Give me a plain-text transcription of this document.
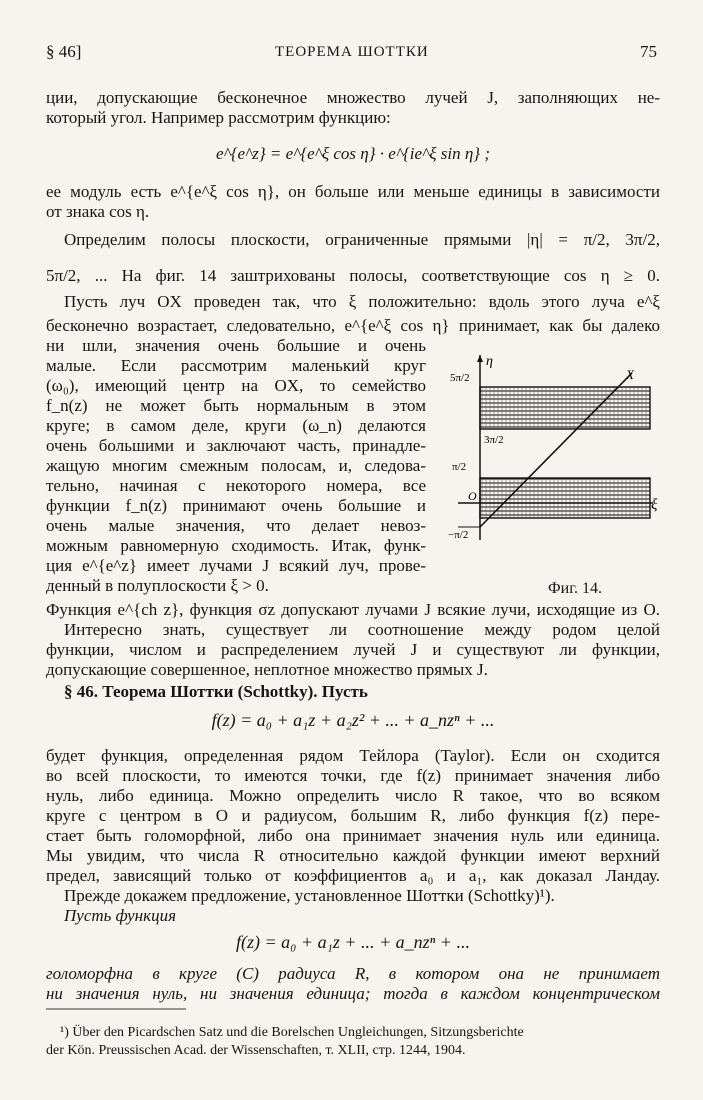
§ 46]	ТЕОРЕМА ШОТТКИ	75
ции, допускающие бесконечное множество лучей J, заполняющих не-
который угол. Например рассмотрим функцию:
e^{e^z} = e^{e^ξ cos η} · e^{ie^ξ sin η} ;
ее модуль есть e^{e^ξ cos η}, он больше или меньше единицы в зависимости
от знака cos η.
Определим полосы плоскости, ограниченные прямыми |η| = π/2, 3π/2,
5π/2, ... На фиг. 14 заштрихованы полосы, соответствующие cos η ≥ 0.
Пусть луч OX проведен так, что ξ положительно: вдоль этого луча e^ξ
бесконечно возрастает, следовательно, e^{e^ξ cos η} принимает, как бы далеко
ни шли, значения очень большие и очень
малые. Если рассмотрим маленький круг
(ω₀), имеющий центр на OX, то семейство
f_n(z) не может быть нормальным в этом
круге; в самом деле, круги (ω_n) делаются
очень большими и заключают часть, принадле-
жащую многим смежным полосам, и, следова-
тельно, начиная с некоторого номера, все
функции f_n(z) принимают очень большие и
очень малые значения, что делает невоз-
можным равномерную сходимость. Итак, функ-
ция e^{e^z} имеет лучами J всякий луч, прове-
денный в полуплоскости ξ > 0.
η
ξ
X
O
5π/2
3π/2
π/2
−π/2
Фиг. 14.
Функция e^{ch z}, функция σz допускают лучами J всякие лучи, исходящие из O.
Интересно знать, существует ли соотношение между родом целой
функции, числом и распределением лучей J и существуют ли функции,
допускающие совершенное, неплотное множество прямых J.
§ 46. Теорема Шоттки (Schottky). Пусть
f(z) = a₀ + a₁z + a₂z² + ... + a_nzⁿ + ...
будет функция, определенная рядом Тейлора (Taylor). Если он сходится
во всей плоскости, то имеются точки, где f(z) принимает значения либо
нуль, либо единица. Можно определить число R такое, что во всяком
круге с центром в O и радиусом, большим R, либо функция f(z) пере-
стает быть голоморфной, либо она принимает значения нуль или единица.
Мы увидим, что числа R относительно каждой функции имеют верхний
предел, зависящий только от коэффициентов a₀ и a₁, как доказал Ландау.
Прежде докажем предложение, установленное Шоттки (Schottky)¹).
Пусть функция
f(z) = a₀ + a₁z + ... + a_nzⁿ + ...
голоморфна в круге (C) радиуса R, в котором она не принимает
ни значения нуль, ни значения единица; тогда в каждом концентрическом
¹) Über den Picardschen Satz und die Borelschen Ungleichungen, Sitzungsberichte
der Kön. Preussischen Acad. der Wissenschaften, т. XLII, стр. 1244, 1904.
